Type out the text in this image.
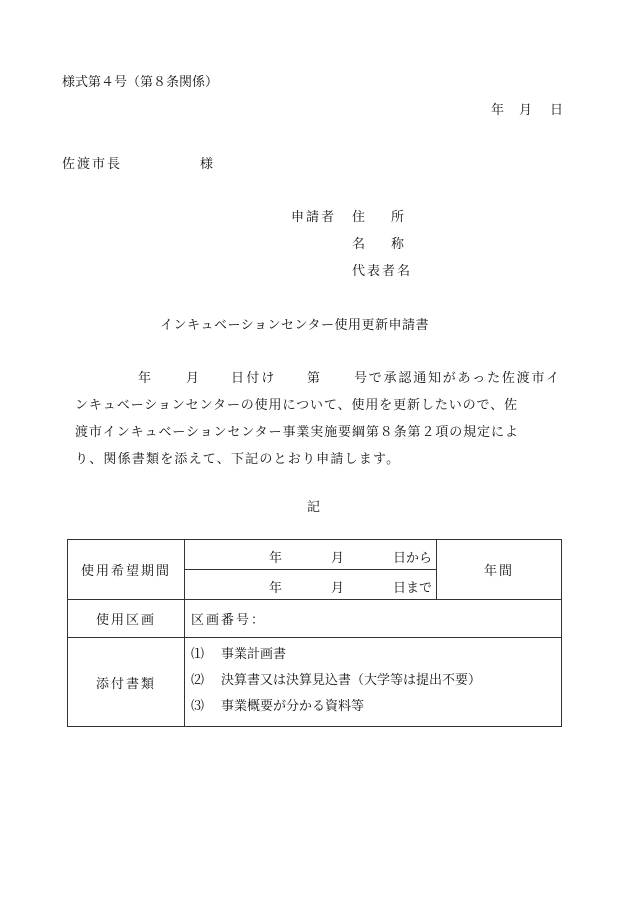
様式第４号（第８条関係）
年 月 日
佐渡市長	様
申請者 住　　所
名　　称
代表者名
インキュベーションセンター使用更新申請書
年	月 日付け 第 号で承認通知があった佐渡市イ
ンキュベーションセンターの使用について、使用を更新したいので、佐
渡市インキュベーションセンター事業実施要綱第８条第２項の規定によ
り、関係書類を添えて、下記のとおり申請します。
記
使用希望期間	年 月 日から	年間

	年 月 日まで	

使用区画	区画番号：	
添付書類	⑴ 事業計画書
⑵ 決算書又は決算見込書（大学等は提出不要）
⑶ 事業概要が分かる資料等	
